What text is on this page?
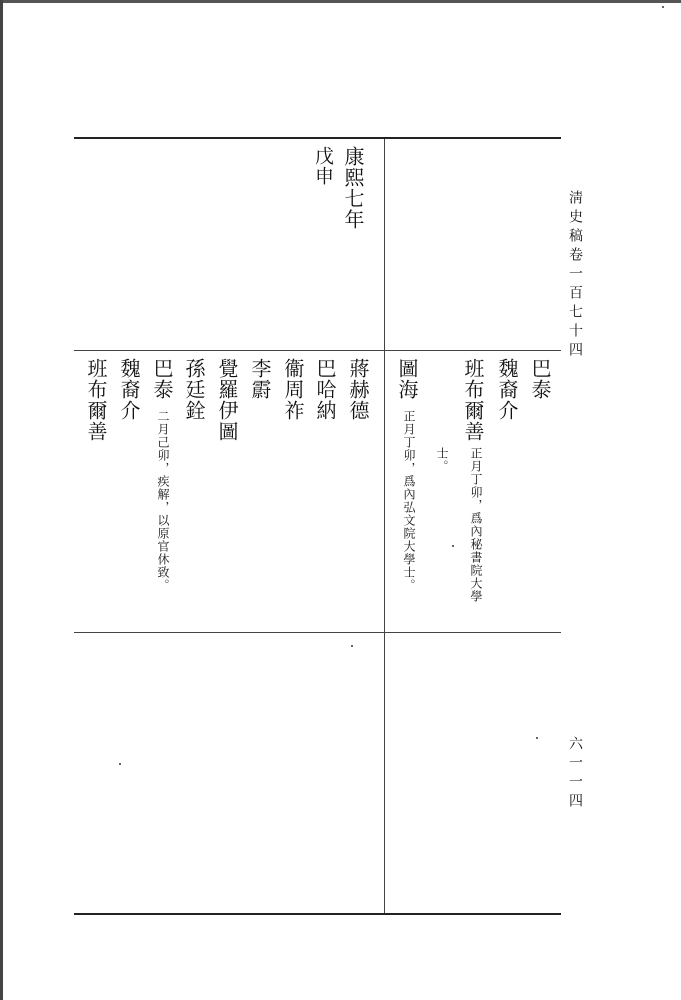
淸史稿卷一百七十四
六一一四
康熙七年
戊申
巴泰
魏裔介
班布爾善
正月丁卯，爲內秘書院大學
士。
圖海
正月丁卯，爲內弘文院大學士。
蔣赫德
巴哈納
衞周祚
李霨
覺羅伊圖
孫廷銓
巴泰
二月己卯，疾解，以原官休致。
魏裔介
班布爾善
